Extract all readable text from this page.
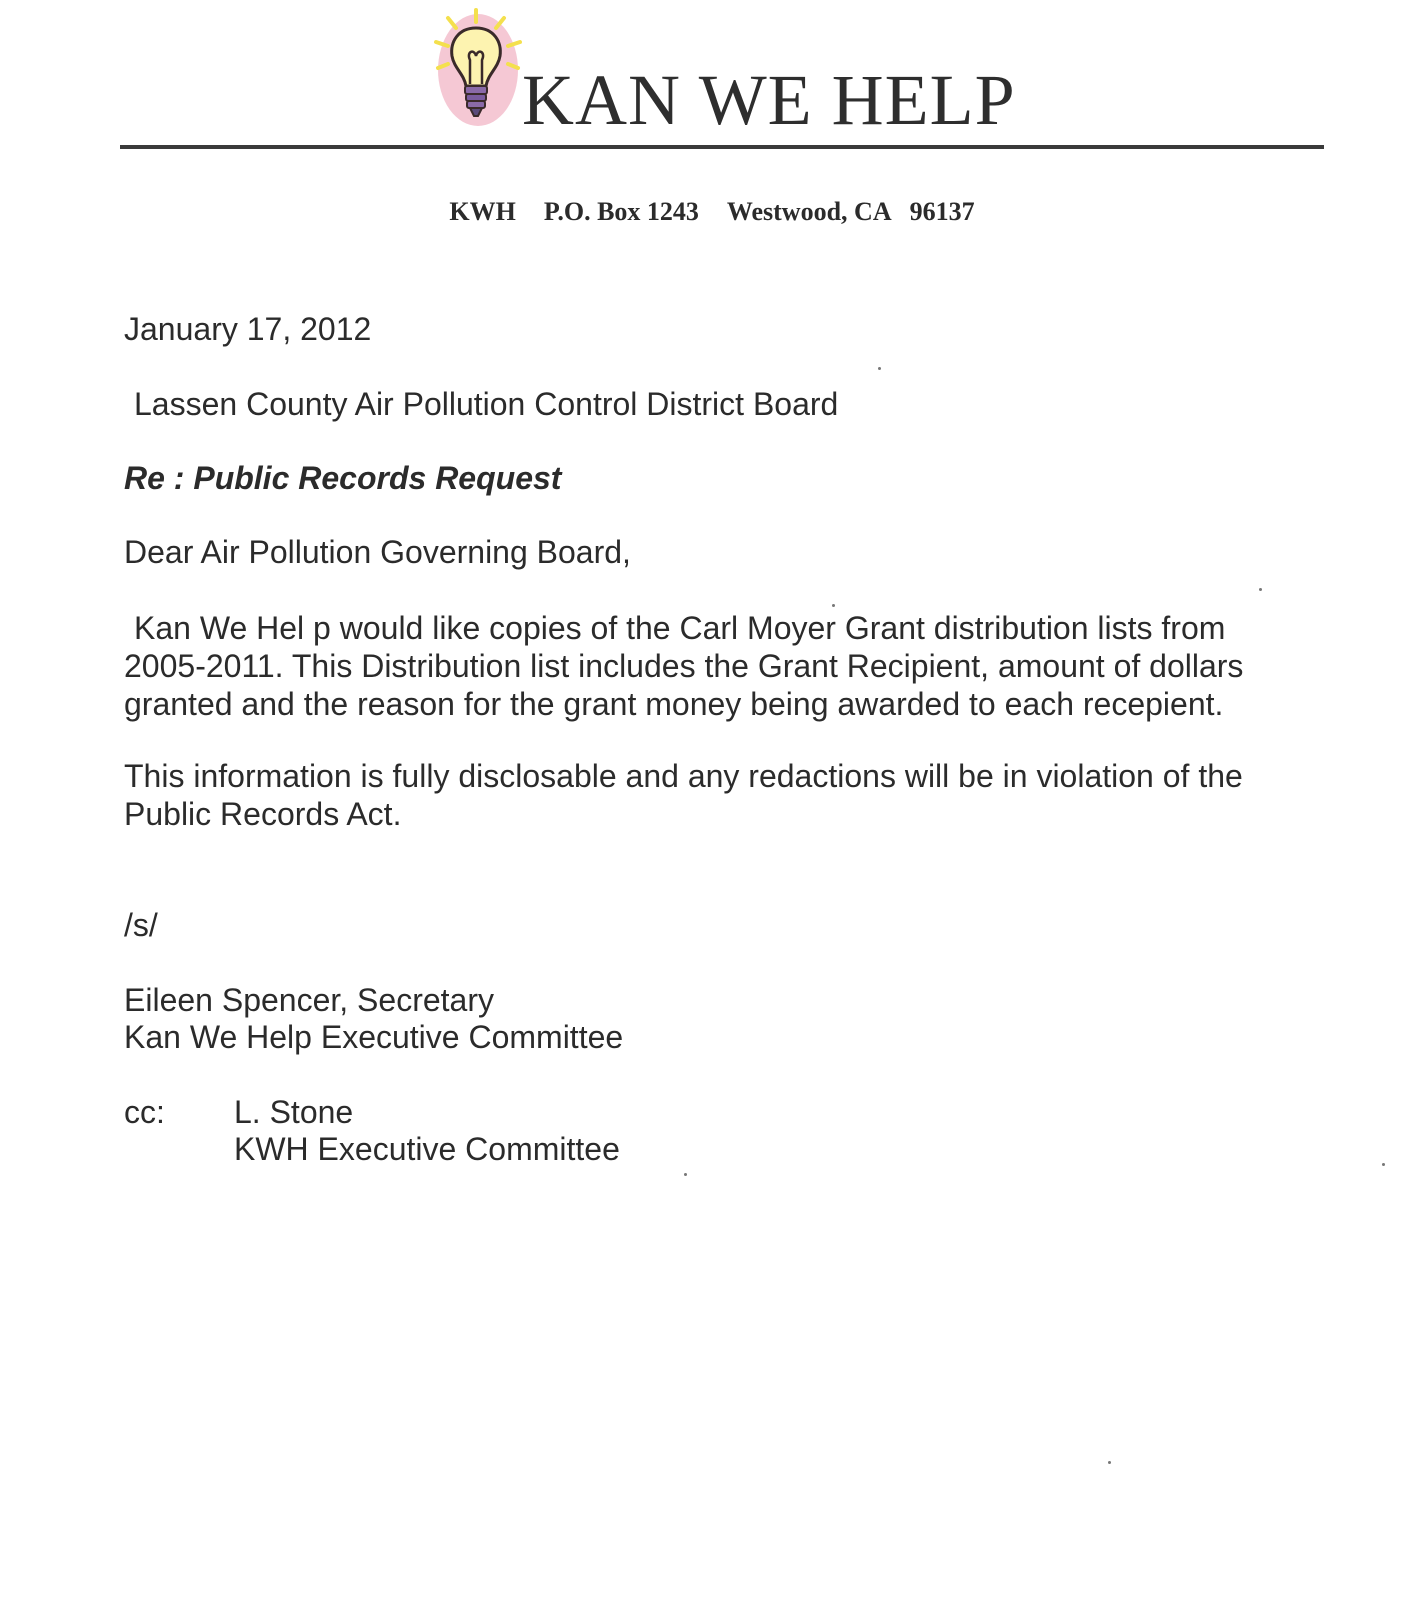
KAN WE HELP
KWH P.O. Box 1243 Westwood, CA 96137
January 17, 2012
Lassen County Air Pollution Control District Board
Re : Public Records Request
Dear Air Pollution Governing Board,
Kan We Hel p would like copies of the Carl Moyer Grant distribution lists from
2005-2011. This Distribution list includes the Grant Recipient, amount of dollars
granted and the reason for the grant money being awarded to each recepient.
This information is fully disclosable and any redactions will be in violation of the
Public Records Act.
/s/
Eileen Spencer, Secretary
Kan We Help Executive Committee
cc: L. Stone
KWH Executive Committee
